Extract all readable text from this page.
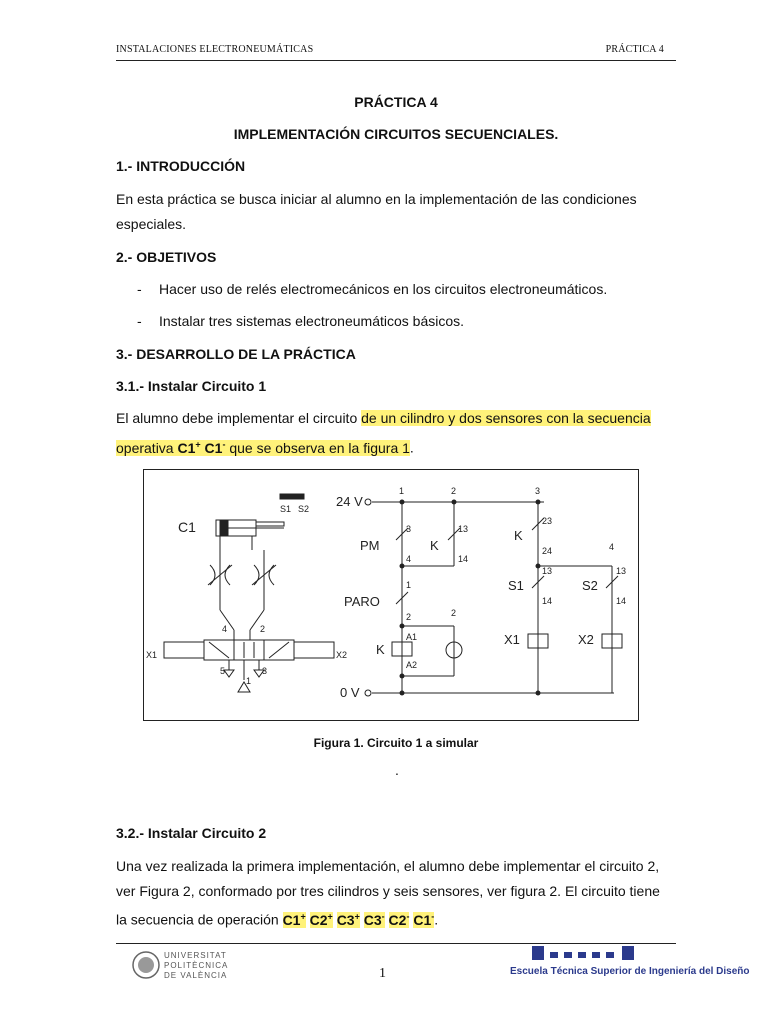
INSTALACIONES ELECTRONEUMÁTICAS	PRÁCTICA 4
PRÁCTICA 4
IMPLEMENTACIÓN CIRCUITOS SECUENCIALES.
1.- INTRODUCCIÓN
En esta práctica se busca iniciar al alumno en la implementación de las condiciones
especiales.
2.- OBJETIVOS
- Hacer uso de relés electromecánicos en los circuitos electroneumáticos.
- Instalar tres sistemas electroneumáticos básicos.
3.- DESARROLLO DE LA PRÁCTICA
3.1.- Instalar Circuito 1
El alumno debe implementar el circuito de un cilindro y dos sensores con la secuencia
operativa C1+ C1- que se observa en la figura 1.
C1
S1 S2 24 V
0 V
1	2	3
4
PM	K
K
PARO
3
4
13
14
1
2	2
A1
A2
K
23
24
13
14
13
14
S1	S2
X1	X2
X1	X2
4	2
5	3
1
Figura 1. Circuito 1 a simular
.
3.2.- Instalar Circuito 2
Una vez realizada la primera implementación, el alumno debe implementar el circuito 2,
ver Figura 2, conformado por tres cilindros y seis sensores, ver figura 2. El circuito tiene
la secuencia de operación C1+ C2+ C3+ C3- C2- C1-.
UNIVERSITAT
POLITÈCNICA
DE VALÈNCIA	1	Escuela Técnica Superior de Ingeniería del Diseño
